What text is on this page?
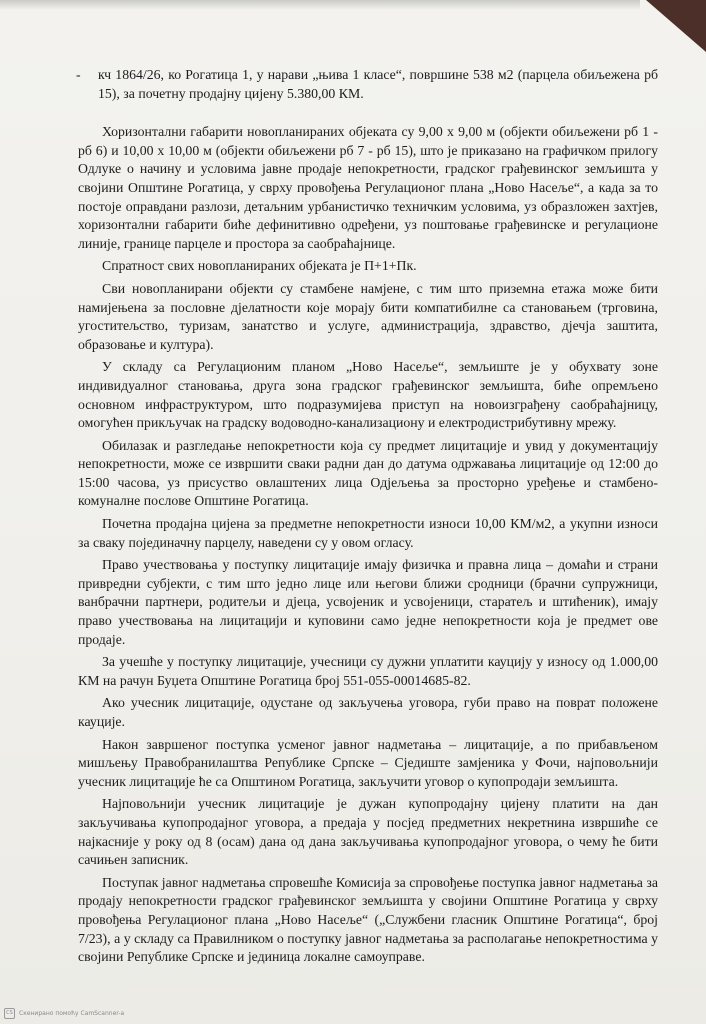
-	кч 1864/26, ко Рогатица 1, у нарави „њива 1 класе“, површине 538 м2 (парцела обиљежена рб 15), за почетну продајну цијену 5.380,00 КМ.

Хоризонтални габарити новопланираних објеката су 9,00 х 9,00 м (објекти обиљежени рб 1 - рб 6) и 10,00 х 10,00 м (објекти обиљежени рб 7 - рб 15), што је приказано на графичком прилогу Одлуке о начину и условима јавне продаје непокретности, градског грађевинског земљишта у својини Општине Рогатица, у сврху провођења Регулационог плана „Ново Насеље“, а када за то постоје оправдани разлози, детаљним урбанистичко техничким условима, уз образложен захтјев, хоризонтални габарити биће дефинитивно одређени, уз поштовање грађевинске и регулационе линије, границе парцеле и простора за саобраћајнице.

Спратност свих новопланираних објеката је П+1+Пк.

Сви новопланирани објекти су стамбене намјене, с тим што приземна етажа може бити намијењена за пословне дјелатности које морају бити компатибилне са становањем (трговина, угоститељство, туризам, занатство и услуге, администрација, здравство, дјечја заштита, образовање и култура).

У складу са Регулационим планом „Ново Насеље“, земљиште је у обухвату зоне индивидуалног становања, друга зона градског грађевинског земљишта, биће опремљено основном инфраструктуром, што подразумијева приступ на новоизграђену саобраћајницу, омогућен прикључак на градску водоводно-канализациону и електродистрибутивну мрежу.

Обилазак и разгледање непокретности која су предмет лицитације и увид у документацију непокретности, може се извршити сваки радни дан до датума одржавања лицитације од 12:00 до 15:00 часова, уз присуство овлаштених лица Одјељења за просторно уређење и стамбено-комуналне послове Општине Рогатица.

Почетна продајна цијена за предметне непокретности износи 10,00 КМ/м2, а укупни износи за сваку појединачну парцелу, наведени су у овом огласу.

Право учествовања у поступку лицитације имају физичка и правна лица – домаћи и страни привредни субјекти, с тим што једно лице или његови ближи сродници (брачни супружници, ванбрачни партнери, родитељи и дјеца, усвојеник и усвојеници, старатељ и штићеник), имају право учествовања на лицитацији и куповини само једне непокретности која је предмет ове продаје.

За учешће у поступку лицитације, учесници су дужни уплатити кауцију у износу од 1.000,00 КМ на рачун Буџета Општине Рогатица број 551-055-00014685-82.

Ако учесник лицитације, одустане од закључења уговора, губи право на поврат положене кауције.

Након завршеног поступка усменог јавног надметања – лицитације, а по прибављеном мишљењу Правобранилаштва Републике Српске – Сједиште замјеника у Фочи, најповољнији учесник лицитације ће са Општином Рогатица, закључити уговор о купопродаји земљишта.

Најповољнији учесник лицитације је дужан купопродајну цијену платити на дан закључивања купопродајног уговора, а предаја у посјед предметних некретнина извршиће се најкасније у року од 8 (осам) дана од дана закључивања купопродајног уговора, о чему ће бити сачињен записник.

Поступак јавног надметања спровешће Комисија за спровођење поступка јавног надметања за продају непокретности градског грађевинског земљишта у својини Општине Рогатица у сврху провођења Регулационог плана „Ново Насеље“ („Службени гласник Општине Рогатица“, број 7/23), а у складу са Правилником о поступку јавног надметања за располагање непокретностима у својини Републике Српске и јединица локалне самоуправе.

CS	Скенирано помоћу CamScanner-а
